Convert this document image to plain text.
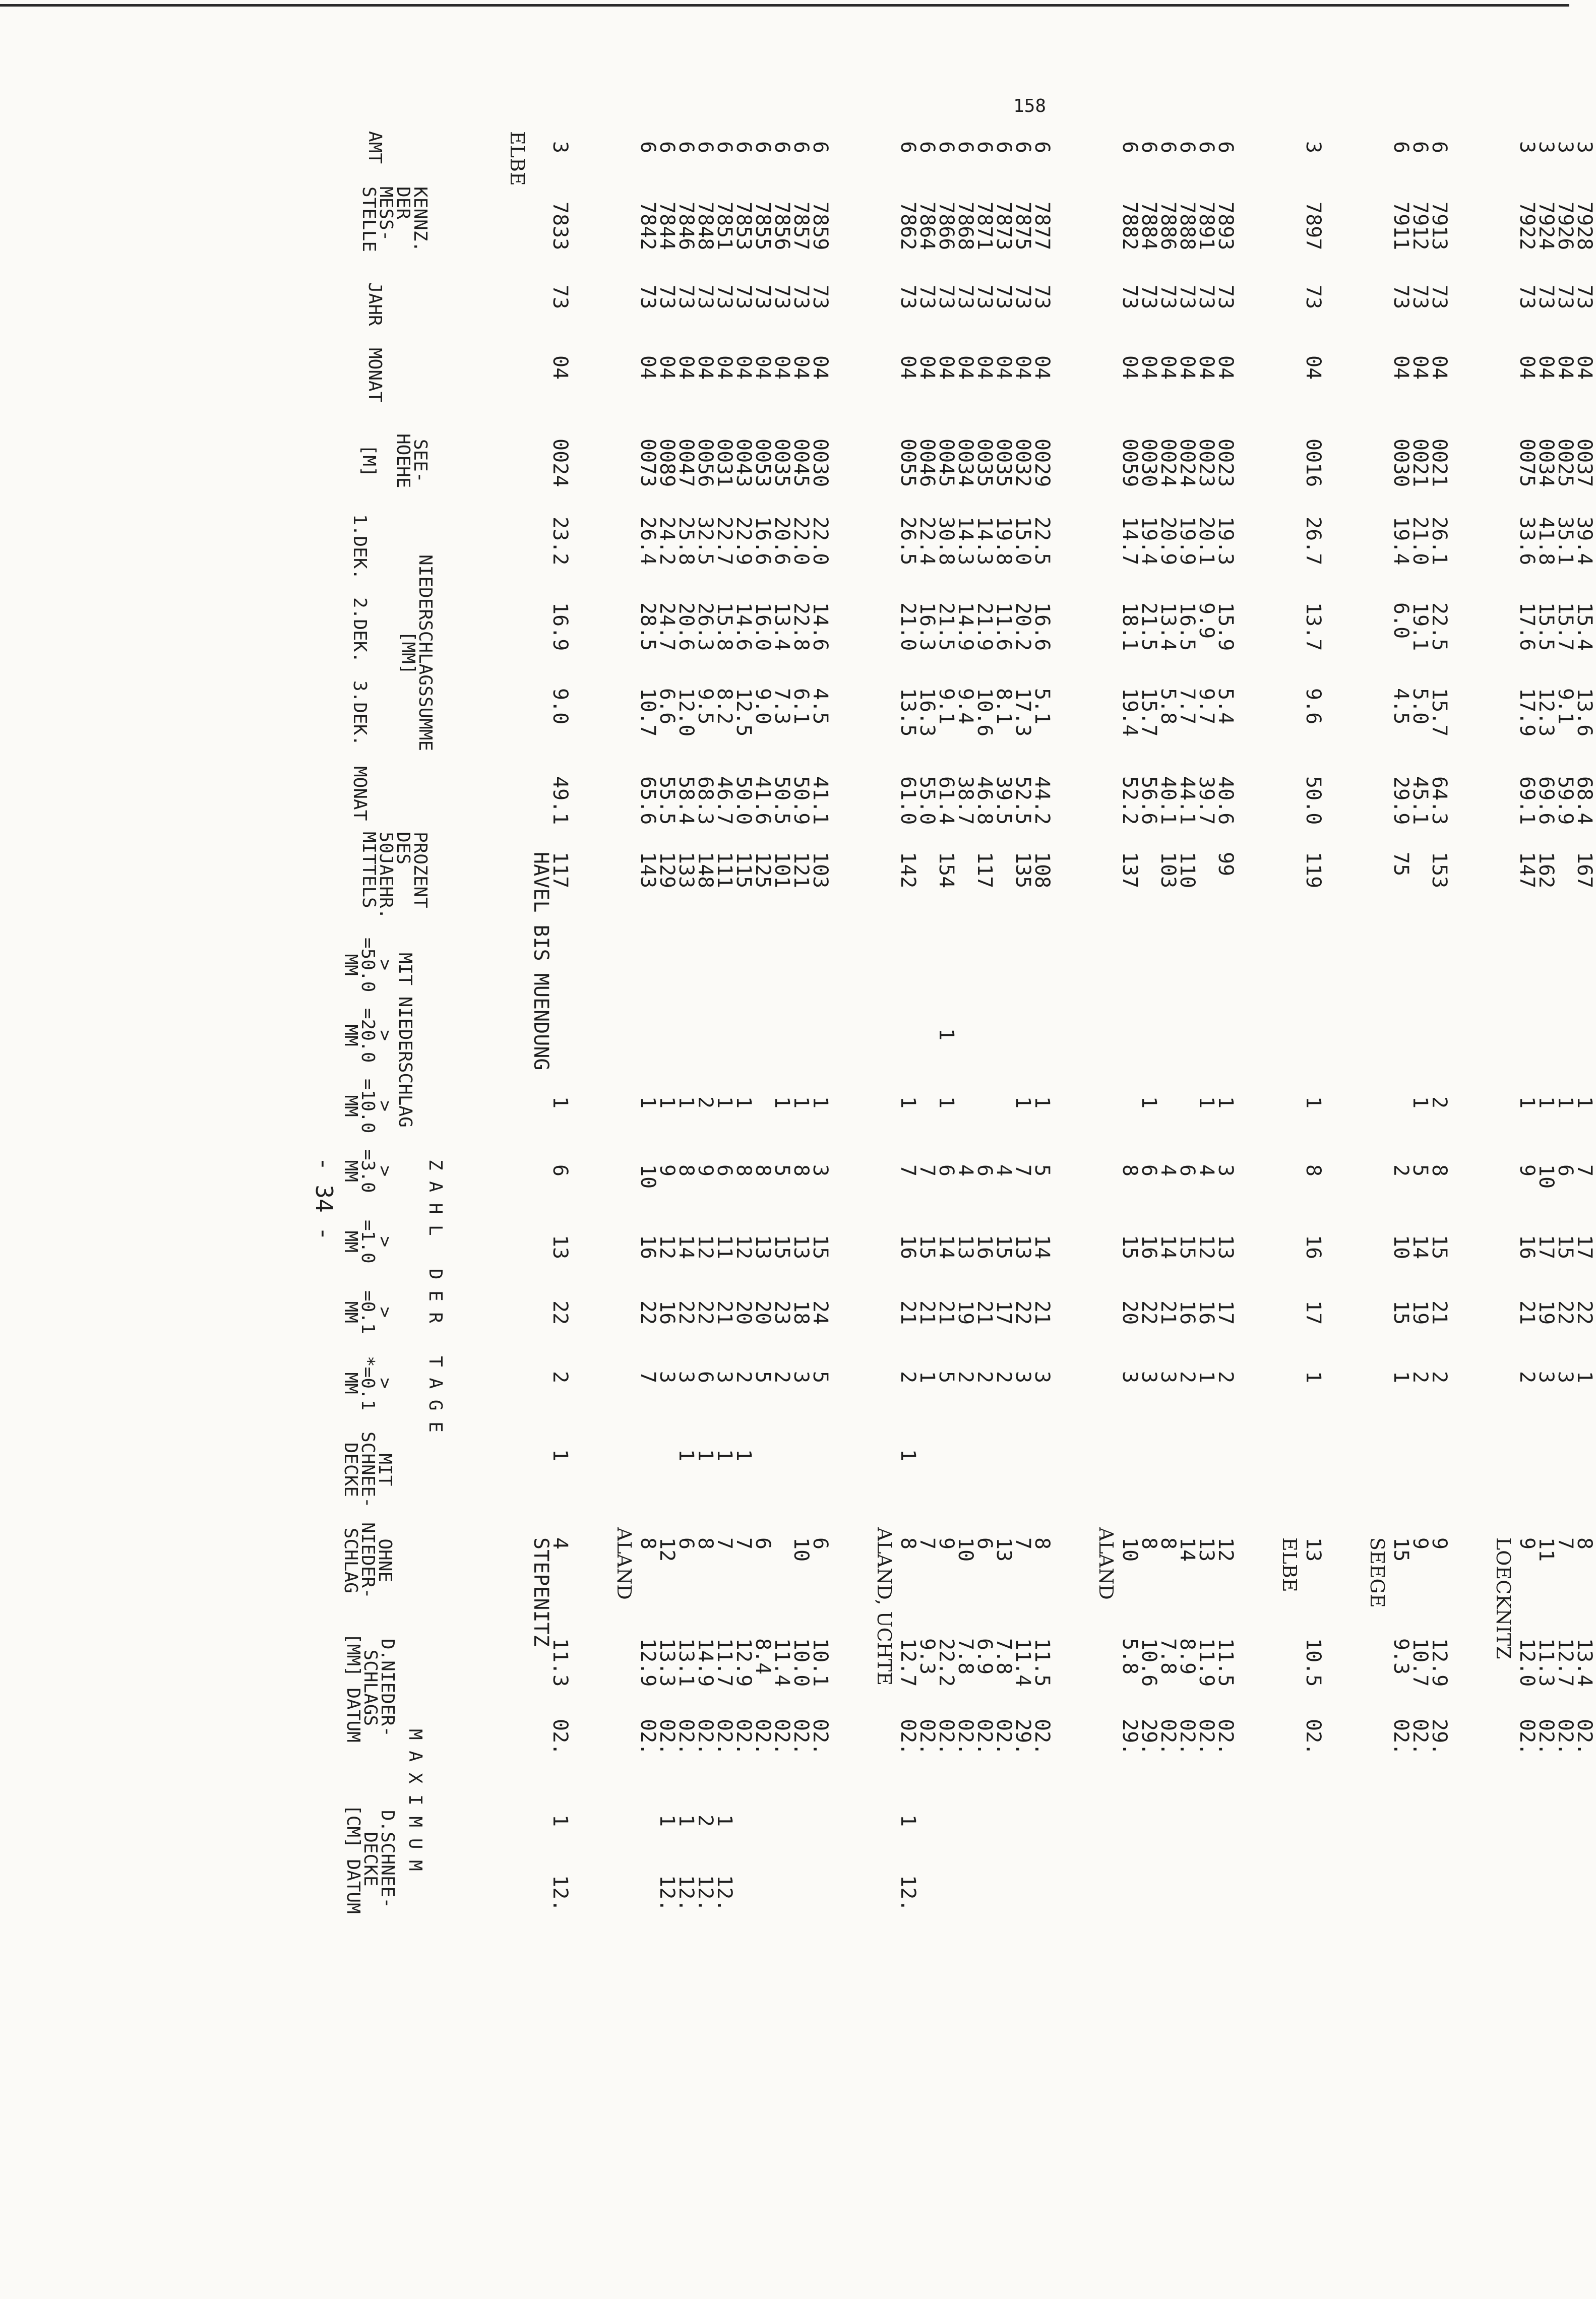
158
- 34 -
AMT
KENNZ.
DER
MESS-
STELLE
JAHR
MONAT
SEE-
HOEHE

[M]
NIEDERSCHLAGSSUMME
[MM]
1.DEK.
2.DEK.
3.DEK.
MONAT
PROZENT
DES
50JAEHR.
MITTELS
Z A H L   D E R   T A G E
MIT NIEDERSCHLAG
>
=50.0
MM
>
=20.0
MM
>
=10.0
MM
>
=3.0
MM
>
=1.0
MM
>
=0.1
MM
>
*=0.1
MM
MIT
SCHNEE-
DECKE
OHNE
NIEDER-
SCHLAG
M A X I M U M
D.NIEDER-
SCHLAGS
[MM] DATUM
D.SCHNEE-
DECKE
[CM] DATUM
ELBE
HAVEL BIS MUENDUNG
STEPENITZ
3
7833
73
04
0024
23.2
16.9
9.0
49.1
117
1
6
13
22
2
1
4
11.3
02.
1
12.
ALAND
6
7842
73
04
0073
26.4
28.5
10.7
65.6
143
1
10
16
22
7
8
12.9
02.
6
7844
73
04
0089
24.2
24.7
6.6
55.5
129
1
9
12
16
3
12
13.3
02.
1
12.
6
7846
73
04
0047
25.8
20.6
12.0
58.4
133
1
8
14
22
3
1
6
13.1
02.
1
12.
6
7848
73
04
0056
32.5
26.3
9.5
68.3
148
2
9
12
22
6
1
8
14.9
02.
2
12.
6
7851
73
04
0031
22.7
15.8
8.2
46.7
111
1
6
11
21
3
1
7
11.7
02.
1
12.
6
7853
73
04
0043
22.9
14.6
12.5
50.0
115
1
8
12
20
2
1
7
12.9
02.
6
7855
73
04
0053
16.6
16.0
9.0
41.6
125
8
13
20
5
6
8.4
02.
6
7856
73
04
0035
20.6
13.4
7.3
50.5
101
1
5
15
23
2
11.4
02.
6
7857
73
04
0045
22.0
22.8
6.1
50.9
121
1
8
13
18
3
10
10.0
02.
6
7859
73
04
0030
22.0
14.6
4.5
41.1
103
1
3
15
24
5
6
10.1
02.
ALAND, UCHTE
6
7862
73
04
0055
26.5
21.0
13.5
61.0
142
1
7
16
21
2
1
8
12.7
02.
1
12.
6
7864
73
04
0046
22.4
16.3
16.3
55.0
7
15
21
1
7
9.3
02.
6
7866
73
04
0045
30.8
21.5
9.1
61.4
154
1
1
6
14
21
5
9
22.2
02.
6
7868
73
04
0034
14.3
14.9
9.4
38.7
4
13
19
2
10
7.8
02.
6
7871
73
04
0035
14.3
21.9
10.6
46.8
117
6
16
21
2
6
6.9
02.
6
7873
73
04
0035
19.8
11.6
8.1
39.5
4
15
17
2
13
7.8
02.
6
7875
73
04
0032
15.0
20.2
17.3
52.5
135
1
7
13
22
3
7
11.4
29.
6
7877
73
04
0029
22.5
16.6
5.1
44.2
108
1
5
14
21
3
8
11.5
02.
ALAND
6
7882
73
04
0059
14.7
18.1
19.4
52.2
137
8
15
20
3
10
5.8
29.
6
7884
73
04
0030
19.4
21.5
15.7
56.6
1
6
16
22
3
8
10.6
29.
6
7886
73
04
0024
20.9
13.4
5.8
40.1
103
4
14
21
3
8
7.8
02.
6
7888
73
04
0024
19.9
16.5
7.7
44.1
110
6
15
16
2
14
8.9
02.
6
7891
73
04
0023
20.1
9.9
9.7
39.7
1
4
12
16
1
13
11.9
02.
6
7893
73
04
0023
19.3
15.9
5.4
40.6
99
1
3
13
17
2
12
11.5
02.
ELBE
3
7897
73
04
0016
26.7
13.7
9.6
50.0
119
1
8
16
17
1
13
10.5
02.
SEEGE
6
7911
73
04
0030
19.4
6.0
4.5
29.9
75
2
10
15
1
15
9.3
02.
6
7912
73
04
0021
21.0
19.1
5.0
45.1
1
5
14
19
2
9
10.7
02.
6
7913
73
04
0021
26.1
22.5
15.7
64.3
153
2
8
15
21
2
9
12.9
29.
LOECKNITZ
3
7922
73
04
0075
33.6
17.6
17.9
69.1
147
1
9
16
21
2
9
12.0
02.
3
7924
73
04
0034
41.8
15.5
12.3
69.6
162
1
10
17
19
3
11
11.3
02.
3
7926
73
04
0025
35.1
15.7
9.1
59.9
1
6
15
22
3
7
12.7
02.
3
7928
73
04
0037
39.4
15.4
13.6
68.4
167
1
7
17
22
1
8
13.4
02.
